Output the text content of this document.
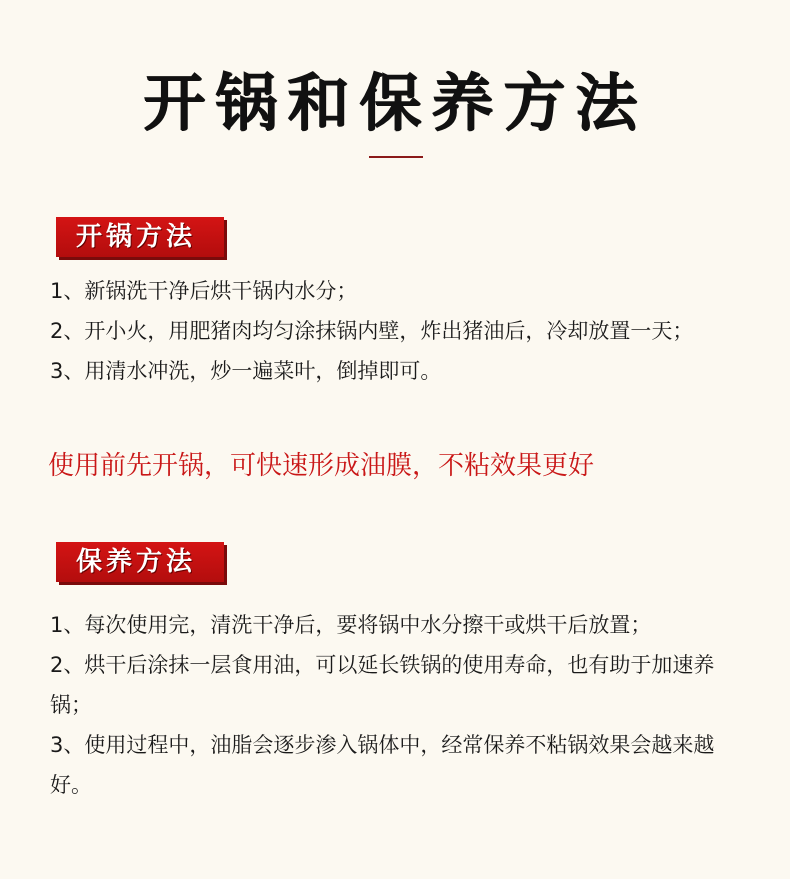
开锅和保养方法
开锅方法
1、新锅洗干净后烘干锅内水分；
2、开小火，用肥猪肉均匀涂抹锅内壁，炸出猪油后，冷却放置一天；
3、用清水冲洗，炒一遍菜叶，倒掉即可。
使用前先开锅，可快速形成油膜，不粘效果更好
保养方法
1、每次使用完，清洗干净后，要将锅中水分擦干或烘干后放置；
2、烘干后涂抹一层食用油，可以延长铁锅的使用寿命，也有助于加速养锅；
3、使用过程中，油脂会逐步渗入锅体中，经常保养不粘锅效果会越来越好。
